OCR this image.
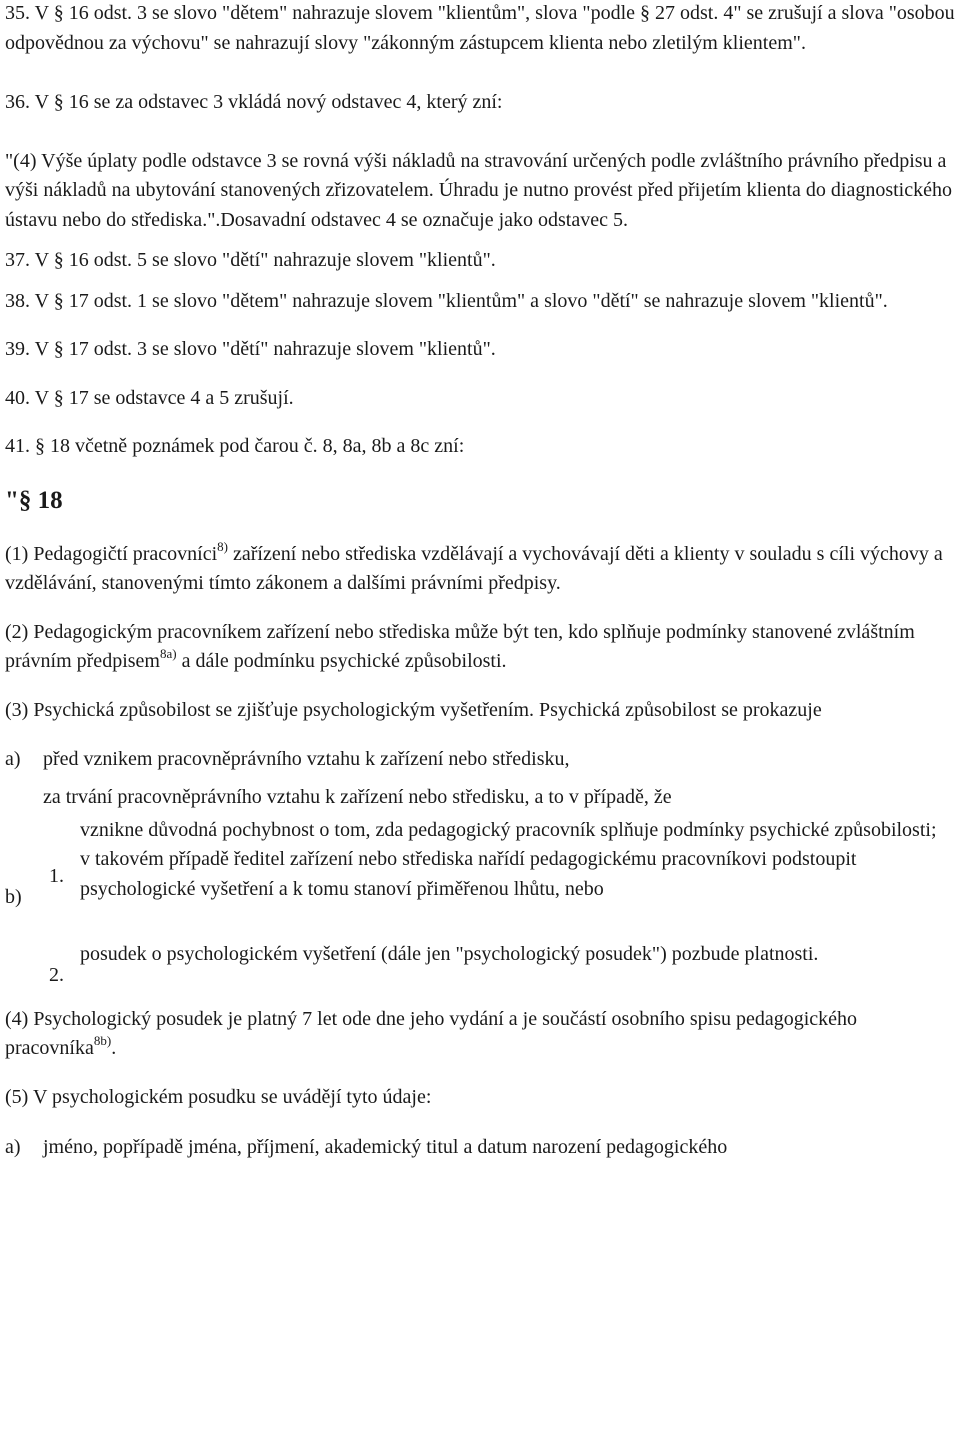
35. V § 16 odst. 3 se slovo "dětem" nahrazuje slovem "klientům", slova "podle § 27 odst. 4" se zrušují a slova "osobou odpovědnou za výchovu" se nahrazují slovy "zákonným zástupcem klienta nebo zletilým klientem".

36. V § 16 se za odstavec 3 vkládá nový odstavec 4, který zní:

"(4) Výše úplaty podle odstavce 3 se rovná výši nákladů na stravování určených podle zvláštního právního předpisu a výši nákladů na ubytování stanovených zřizovatelem. Úhradu je nutno provést před přijetím klienta do diagnostického ústavu nebo do střediska.".Dosavadní odstavec 4 se označuje jako odstavec 5.

37. V § 16 odst. 5 se slovo "dětí" nahrazuje slovem "klientů".

38. V § 17 odst. 1 se slovo "dětem" nahrazuje slovem "klientům" a slovo "dětí" se nahrazuje slovem "klientů".

39. V § 17 odst. 3 se slovo "dětí" nahrazuje slovem "klientů".

40. V § 17 se odstavce 4 a 5 zrušují.

41. § 18 včetně poznámek pod čarou č. 8, 8a, 8b a 8c zní:

"§ 18

(1) Pedagogičtí pracovníci$^{8)}$ zařízení nebo střediska vzdělávají a vychovávají děti a klienty v souladu s cíli výchovy a vzdělávání, stanovenými tímto zákonem a dalšími právními předpisy.

(2) Pedagogickým pracovníkem zařízení nebo střediska může být ten, kdo splňuje podmínky stanovené zvláštním právním předpisem$^{8a)}$ a dále podmínku psychické způsobilosti.

(3) Psychická způsobilost se zjišťuje psychologickým vyšetřením. Psychická způsobilost se prokazuje

a)	před vznikem pracovněprávního vztahu k zařízení nebo středisku,
b)
za trvání pracovněprávního vztahu k zařízení nebo středisku, a to v případě, že
1.
vznikne důvodná pochybnost o tom, zda pedagogický pracovník splňuje podmínky psychické způsobilosti; v takovém případě ředitel zařízení nebo střediska nařídí pedagogickému pracovníkovi podstoupit psychologické vyšetření a k tomu stanoví přiměřenou lhůtu, nebo
2.
posudek o psychologickém vyšetření (dále jen "psychologický posudek") pozbude platnosti.

(4) Psychologický posudek je platný 7 let ode dne jeho vydání a je součástí osobního spisu pedagogického pracovníka$^{8b)}$.

(5) V psychologickém posudku se uvádějí tyto údaje:

a)	jméno, popřípadě jména, příjmení, akademický titul a datum narození pedagogického
